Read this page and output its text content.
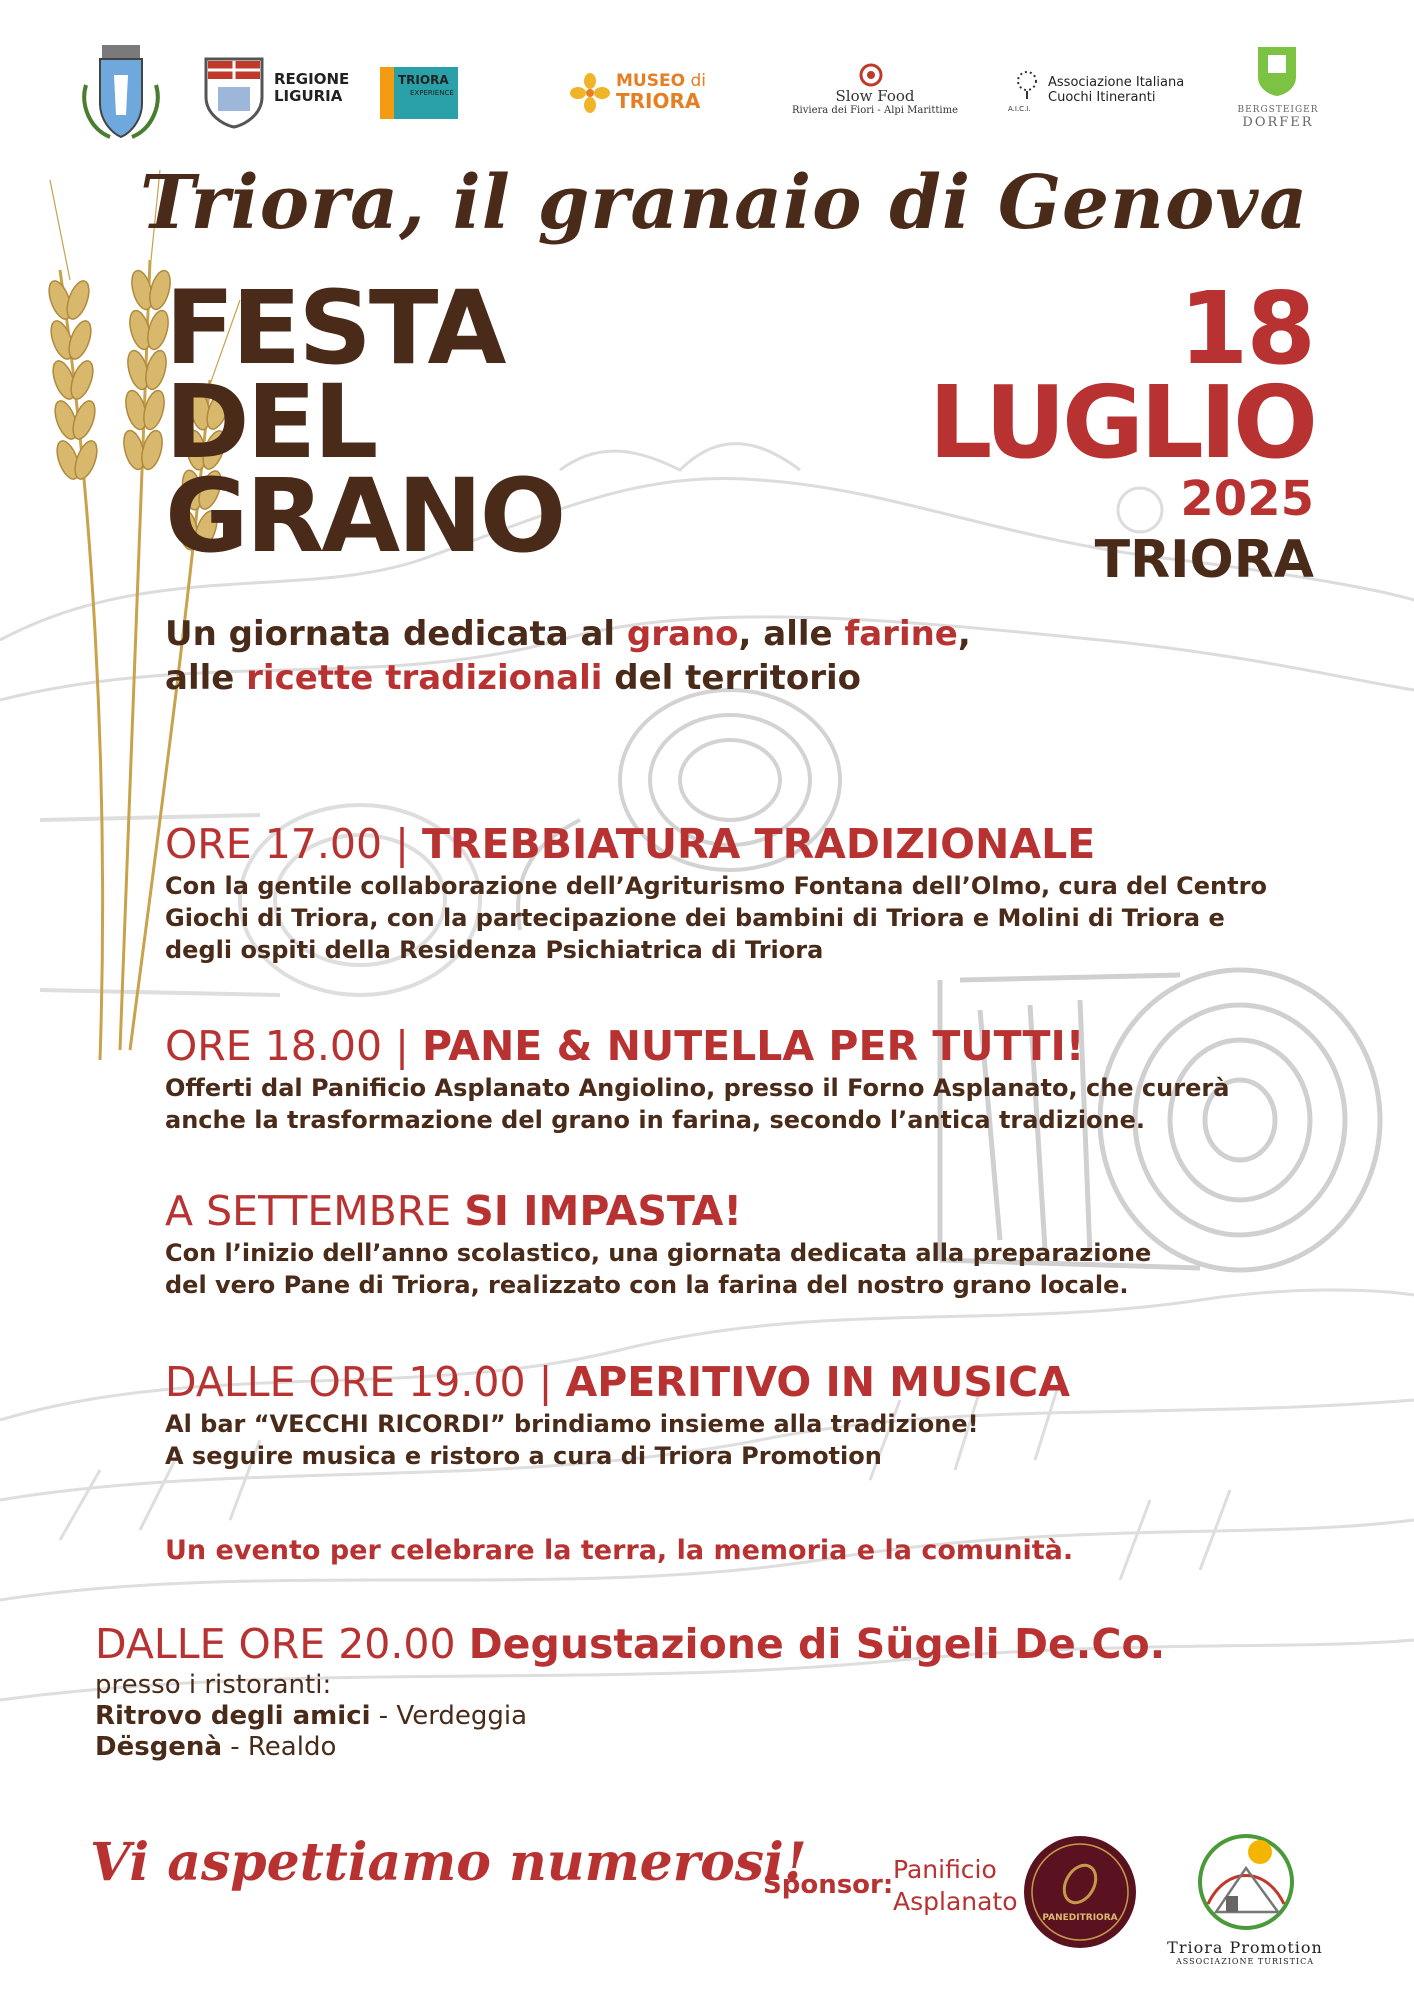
REGIONE
LIGURIA
TRIORA
EXPERIENCE
MUSEO di
TRIORA	Slow Food
Riviera dei Fiori - Alpi Marittime	A.I.C.I.
Associazione Italiana
Cuochi Itineranti
BERGSTEIGER
DORFER
Triora, il granaio di Genova
FESTA
DEL
GRANO
18
LUGLIO
2025
TRIORA
Un giornata dedicata al grano, alle farine,
alle ricette tradizionali del territorio
ORE 17.00 | TREBBIATURA TRADIZIONALE
Con la gentile collaborazione dell’Agriturismo Fontana dell’Olmo, cura del Centro
Giochi di Triora, con la partecipazione dei bambini di Triora e Molini di Triora e
degli ospiti della Residenza Psichiatrica di Triora
ORE 18.00 | PANE & NUTELLA PER TUTTI!
Offerti dal Panificio Asplanato Angiolino, presso il Forno Asplanato, che curerà
anche la trasformazione del grano in farina, secondo l’antica tradizione.
A SETTEMBRE SI IMPASTA!
Con l’inizio dell’anno scolastico, una giornata dedicata alla preparazione
del vero Pane di Triora, realizzato con la farina del nostro grano locale.
DALLE ORE 19.00 | APERITIVO IN MUSICA
Al bar “VECCHI RICORDI” brindiamo insieme alla tradizione!
A seguire musica e ristoro a cura di Triora Promotion
Un evento per celebrare la terra, la memoria e la comunità.
DALLE ORE 20.00 Degustazione di Sügeli De.Co.
presso i ristoranti:
Ritrovo degli amici - Verdeggia
Dësgenà - Realdo
Vi aspettiamo numerosi!
Sponsor:
Panificio
Asplanato
PANEDITRIORA
Triora Promotion
ASSOCIAZIONE TURISTICA
